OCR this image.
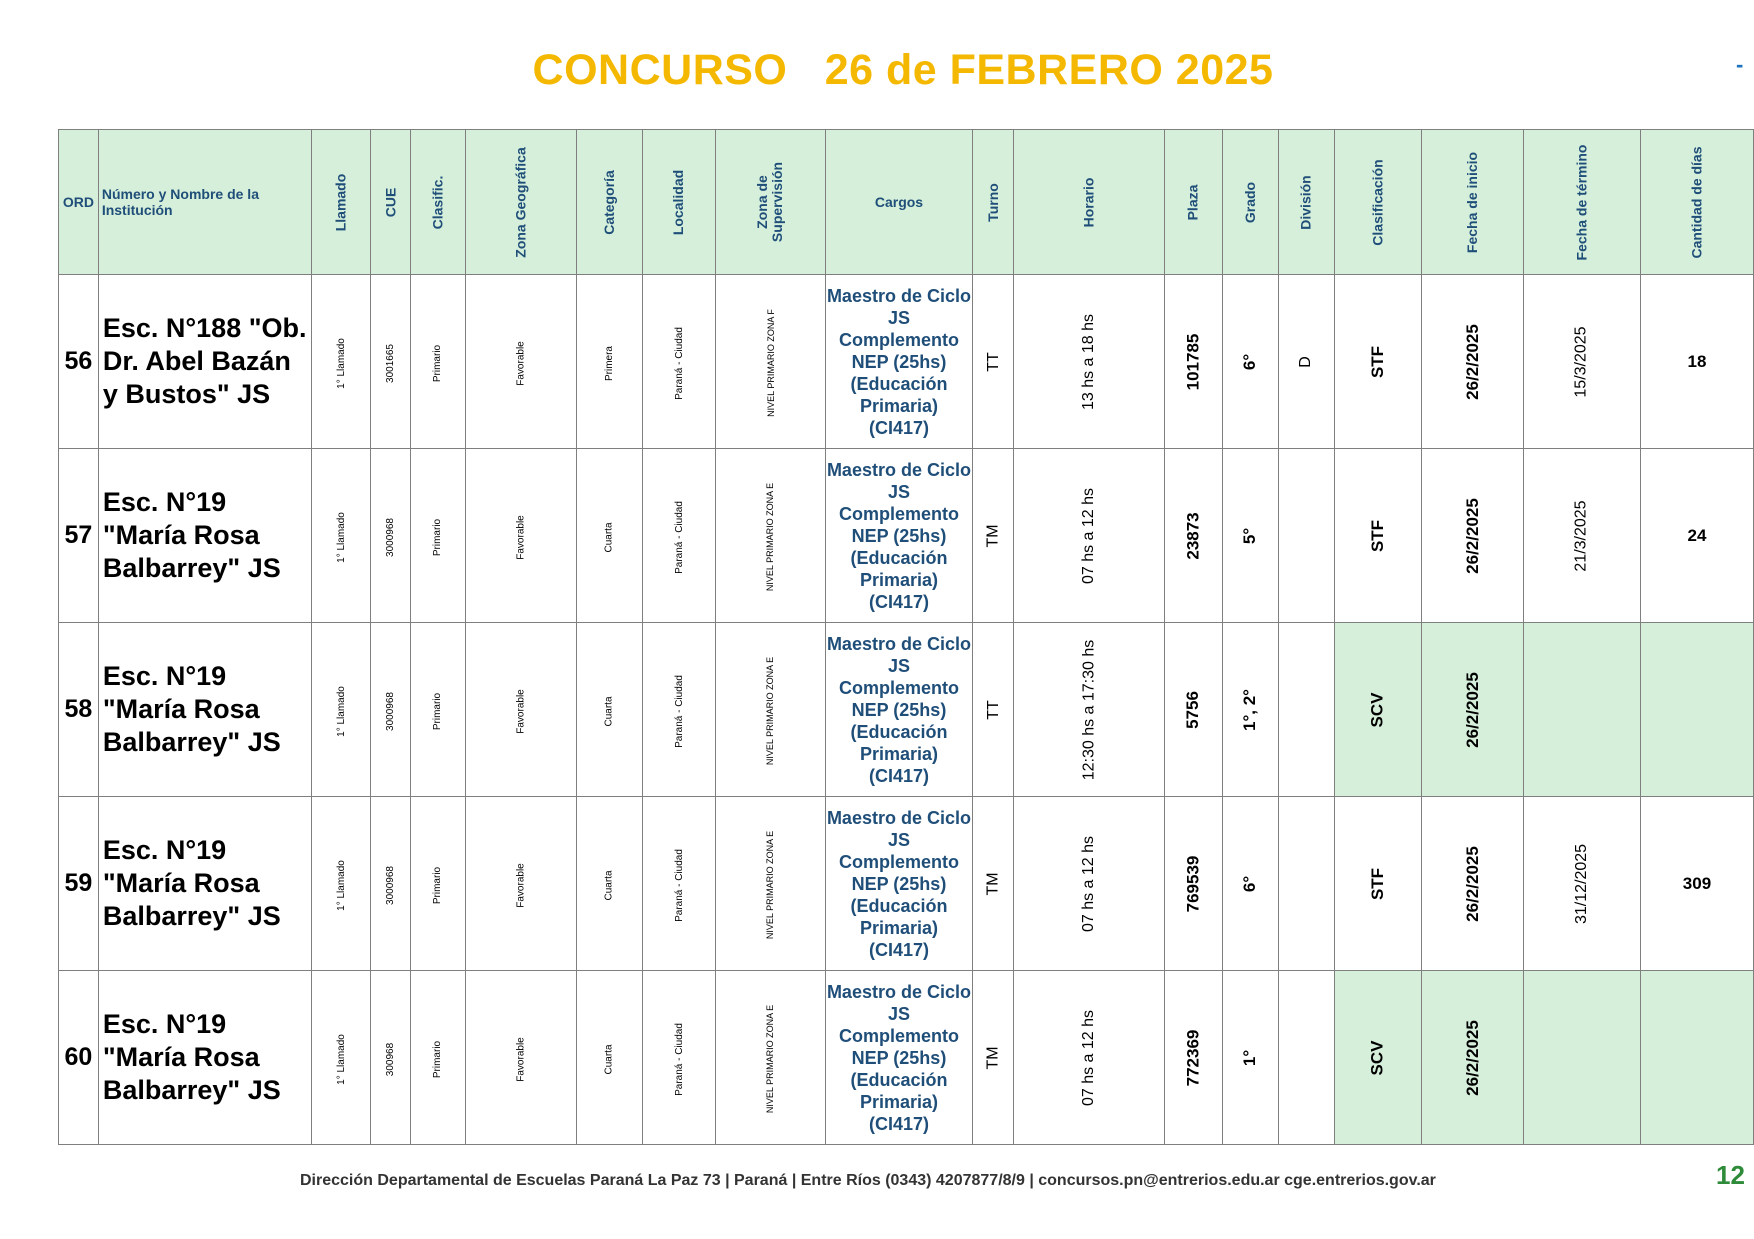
CONCURSO   26 de FEBRERO 2025	-
ORD	Número y Nombre de la Institución	Llamado	CUE	Clasific.	Zona Geográfica	Categoría	Localidad	Zona de
Supervisión	Cargos	Turno	Horario	Plaza	Grado	División	Clasificación	Fecha de inicio	Fecha de término	Cantidad de días
56	Esc. N°188 "Ob. Dr. Abel Bazán y Bustos" JS	1° Llamado	3001665	Primario	Favorable	Primera	Paraná - Ciudad	NIVEL PRIMARIO ZONA F	Maestro de Ciclo JS
Complemento NEP (25hs)
(Educación Primaria)
(CI417)	TT	13 hs a 18 hs	101785	6°	D	STF	26/2/2025	15/3/2025	18
57	Esc. N°19 "María Rosa Balbarrey" JS	1° Llamado	3000968	Primario	Favorable	Cuarta	Paraná - Ciudad	NIVEL PRIMARIO ZONA E	Maestro de Ciclo JS
Complemento NEP (25hs)
(Educación Primaria)
(CI417)	TM	07 hs a 12 hs	23873	5°		STF	26/2/2025	21/3/2025	24
58	Esc. N°19 "María Rosa Balbarrey" JS	1° Llamado	3000968	Primario	Favorable	Cuarta	Paraná - Ciudad	NIVEL PRIMARIO ZONA E	Maestro de Ciclo JS
Complemento NEP (25hs)
(Educación Primaria)
(CI417)	TT	12:30 hs a 17:30 hs	5756	1°, 2°		SCV	26/2/2025		
59	Esc. N°19 "María Rosa Balbarrey" JS	1° Llamado	3000968	Primario	Favorable	Cuarta	Paraná - Ciudad	NIVEL PRIMARIO ZONA E	Maestro de Ciclo JS
Complemento NEP (25hs)
(Educación Primaria)
(CI417)	TM	07 hs a 12 hs	769539	6°		STF	26/2/2025	31/12/2025	309
60	Esc. N°19 "María Rosa Balbarrey" JS	1° Llamado	300968	Primario	Favorable	Cuarta	Paraná - Ciudad	NIVEL PRIMARIO ZONA E	Maestro de Ciclo JS
Complemento NEP (25hs)
(Educación Primaria)
(CI417)	TM	07 hs a 12 hs	772369	1°		SCV	26/2/2025		
Dirección Departamental de Escuelas Paraná La Paz 73 | Paraná | Entre Ríos (0343) 4207877/8/9 | concursos.pn@entrerios.edu.ar cge.entrerios.gov.ar	12
